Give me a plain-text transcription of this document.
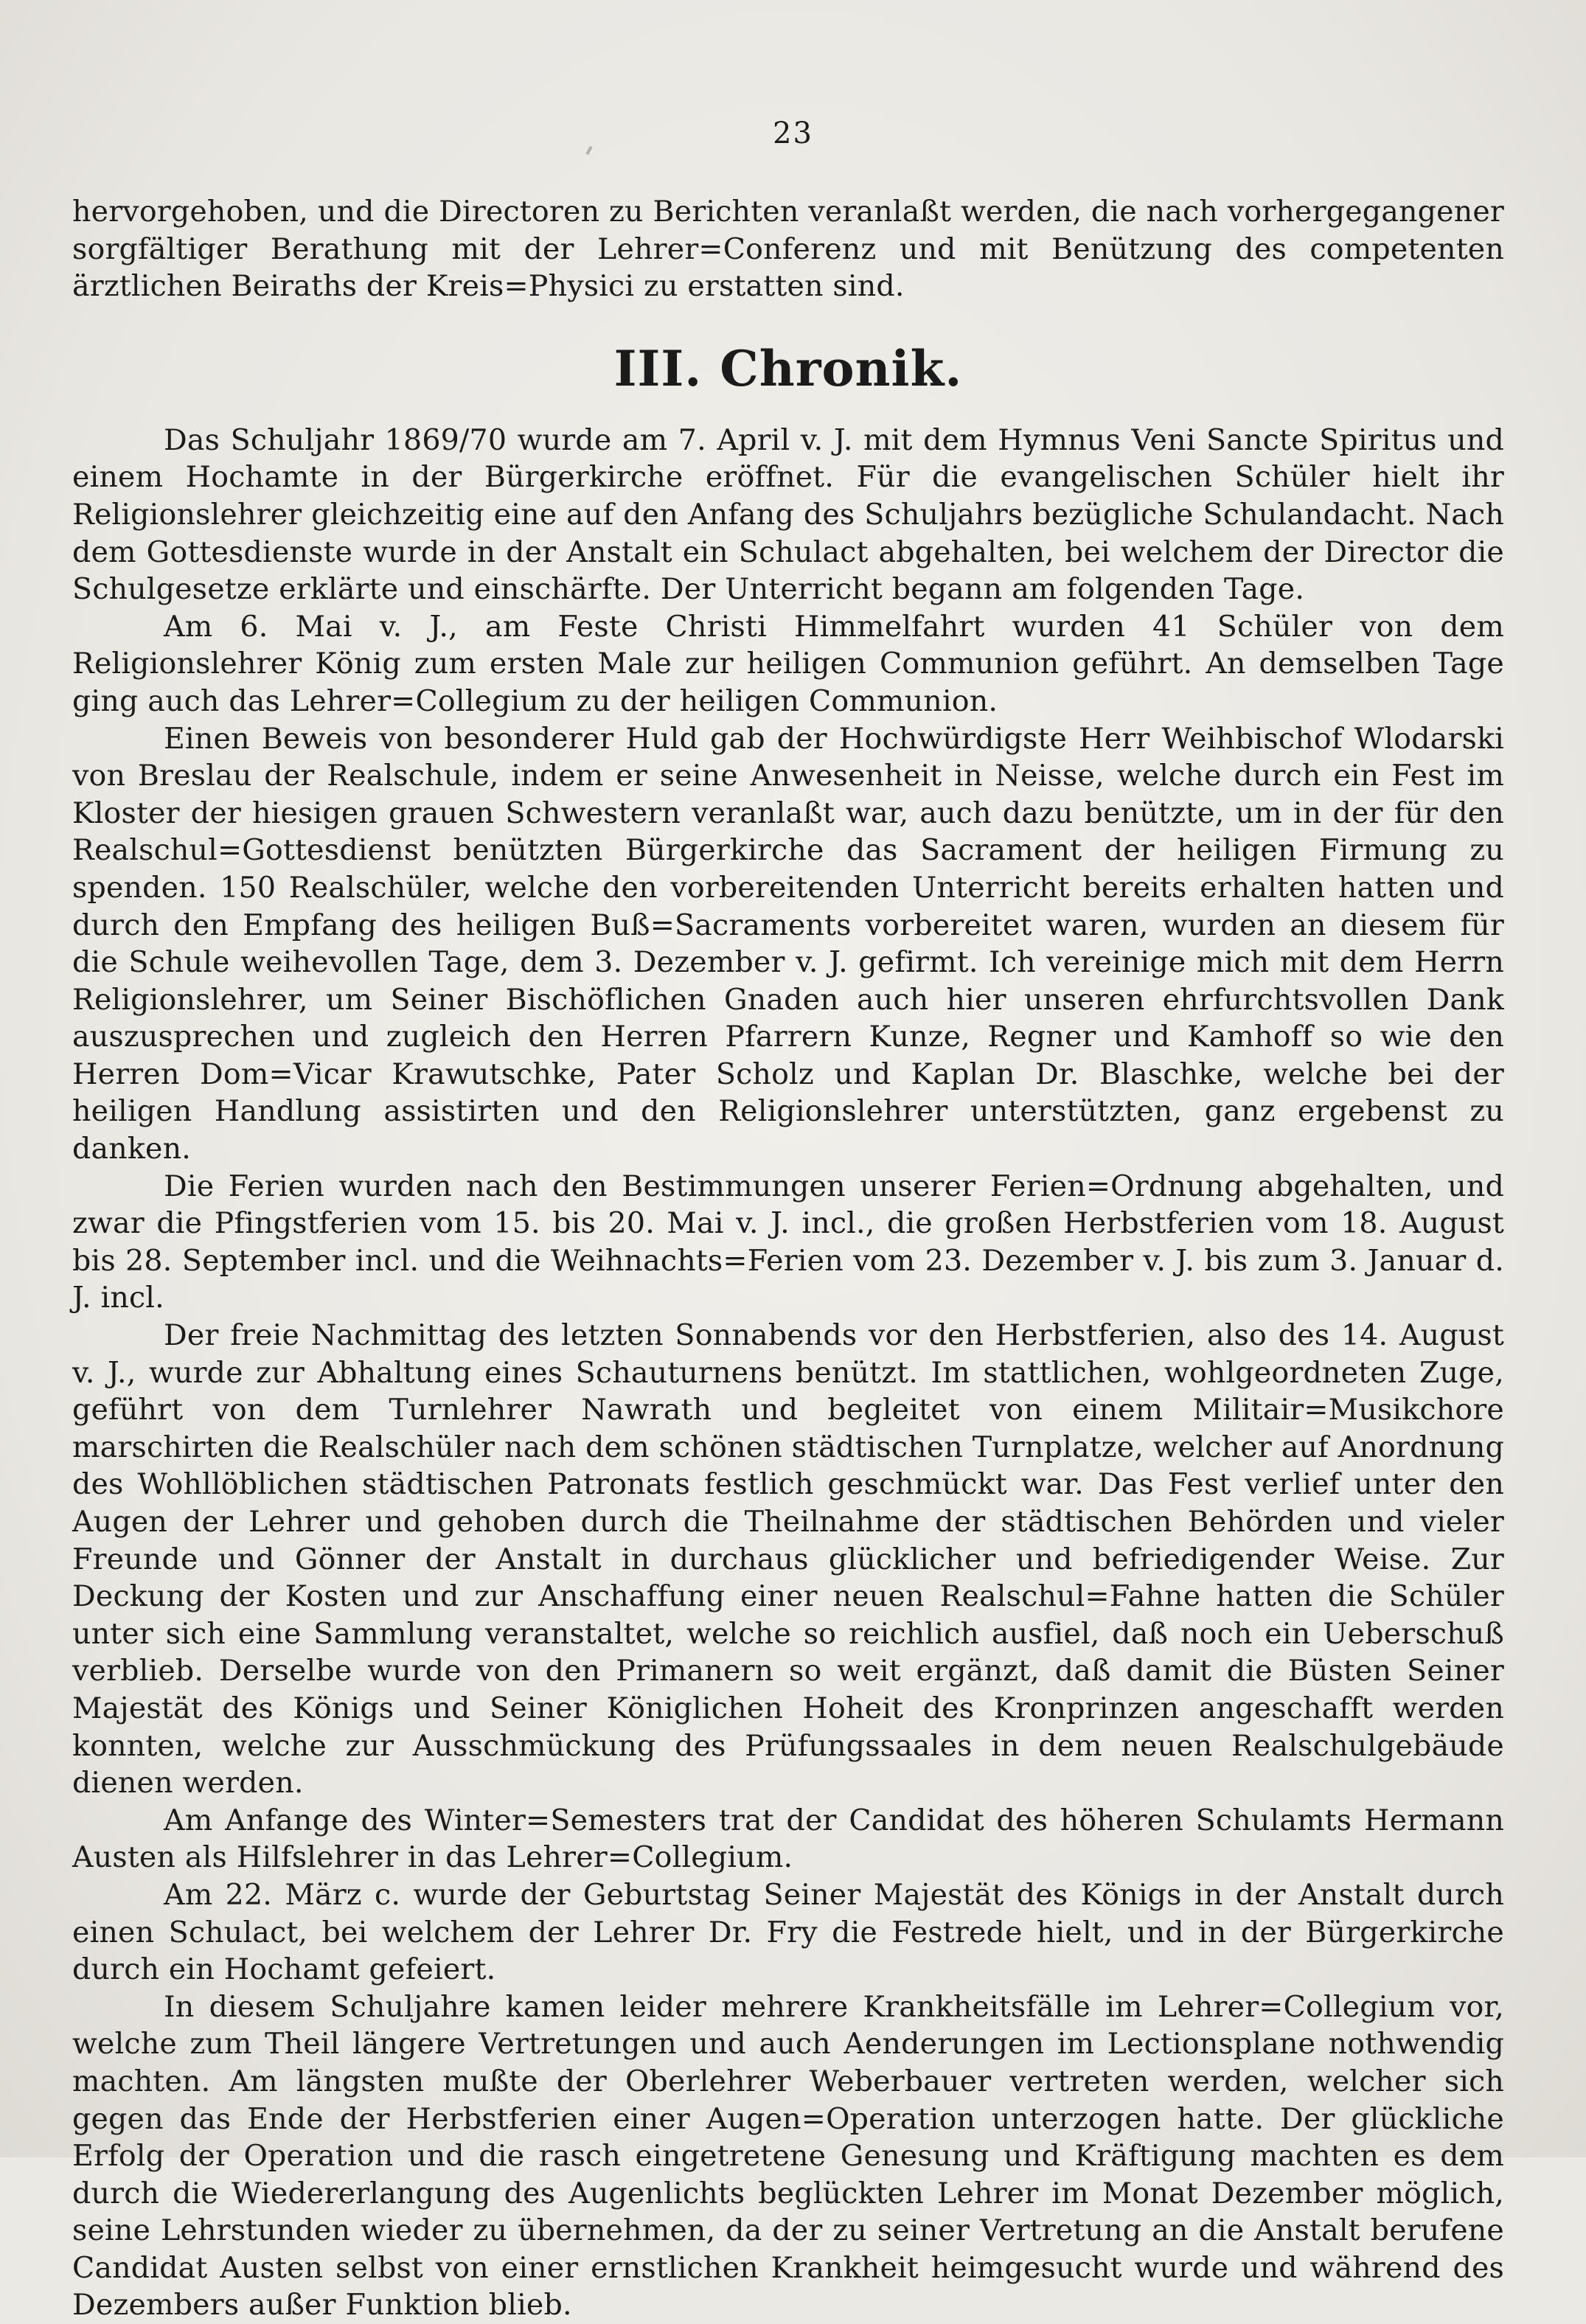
23

hervorgehoben, und die Directoren zu Berichten veranlaßt werden, die nach vorhergegangener sorgfältiger Berathung mit der Lehrer=Conferenz und mit Benützung des competenten ärztlichen Beiraths der Kreis=Physici zu erstatten sind.

III. Chronik.

Das Schuljahr 1869/70 wurde am 7. April v. J. mit dem Hymnus Veni Sancte Spiritus und einem Hochamte in der Bürgerkirche eröffnet. Für die evangelischen Schüler hielt ihr Religionslehrer gleichzeitig eine auf den Anfang des Schuljahrs bezügliche Schulandacht. Nach dem Gottesdienste wurde in der Anstalt ein Schulact abgehalten, bei welchem der Director die Schulgesetze erklärte und einschärfte. Der Unterricht begann am folgenden Tage.

Am 6. Mai v. J., am Feste Christi Himmelfahrt wurden 41 Schüler von dem Religionslehrer König zum ersten Male zur heiligen Communion geführt. An demselben Tage ging auch das Lehrer=Collegium zu der heiligen Communion.

Einen Beweis von besonderer Huld gab der Hochwürdigste Herr Weihbischof Wlodarski von Breslau der Realschule, indem er seine Anwesenheit in Neisse, welche durch ein Fest im Kloster der hiesigen grauen Schwestern veranlaßt war, auch dazu benützte, um in der für den Realschul=Gottesdienst benützten Bürgerkirche das Sacrament der heiligen Firmung zu spenden. 150 Realschüler, welche den vorbereitenden Unterricht bereits erhalten hatten und durch den Empfang des heiligen Buß=Sacraments vorbereitet waren, wurden an diesem für die Schule weihevollen Tage, dem 3. Dezember v. J. gefirmt. Ich vereinige mich mit dem Herrn Religionslehrer, um Seiner Bischöflichen Gnaden auch hier unseren ehrfurchtsvollen Dank auszusprechen und zugleich den Herren Pfarrern Kunze, Regner und Kamhoff so wie den Herren Dom=Vicar Krawutschke, Pater Scholz und Kaplan Dr. Blaschke, welche bei der heiligen Handlung assistirten und den Religionslehrer unterstützten, ganz ergebenst zu danken.

Die Ferien wurden nach den Bestimmungen unserer Ferien=Ordnung abgehalten, und zwar die Pfingstferien vom 15. bis 20. Mai v. J. incl., die großen Herbstferien vom 18. August bis 28. September incl. und die Weihnachts=Ferien vom 23. Dezember v. J. bis zum 3. Januar d. J. incl.

Der freie Nachmittag des letzten Sonnabends vor den Herbstferien, also des 14. August v. J., wurde zur Abhaltung eines Schauturnens benützt. Im stattlichen, wohlgeordneten Zuge, geführt von dem Turnlehrer Nawrath und begleitet von einem Militair=Musikchore marschirten die Realschüler nach dem schönen städtischen Turnplatze, welcher auf Anordnung des Wohllöblichen städtischen Patronats festlich geschmückt war. Das Fest verlief unter den Augen der Lehrer und gehoben durch die Theilnahme der städtischen Behörden und vieler Freunde und Gönner der Anstalt in durchaus glücklicher und befriedigender Weise. Zur Deckung der Kosten und zur Anschaffung einer neuen Realschul=Fahne hatten die Schüler unter sich eine Sammlung veranstaltet, welche so reichlich ausfiel, daß noch ein Ueberschuß verblieb. Derselbe wurde von den Primanern so weit ergänzt, daß damit die Büsten Seiner Majestät des Königs und Seiner Königlichen Hoheit des Kronprinzen angeschafft werden konnten, welche zur Ausschmückung des Prüfungssaales in dem neuen Realschulgebäude dienen werden.

Am Anfange des Winter=Semesters trat der Candidat des höheren Schulamts Hermann Austen als Hilfslehrer in das Lehrer=Collegium.

Am 22. März c. wurde der Geburtstag Seiner Majestät des Königs in der Anstalt durch einen Schulact, bei welchem der Lehrer Dr. Fry die Festrede hielt, und in der Bürgerkirche durch ein Hochamt gefeiert.

In diesem Schuljahre kamen leider mehrere Krankheitsfälle im Lehrer=Collegium vor, welche zum Theil längere Vertretungen und auch Aenderungen im Lectionsplane nothwendig machten. Am längsten mußte der Oberlehrer Weberbauer vertreten werden, welcher sich gegen das Ende der Herbstferien einer Augen=Operation unterzogen hatte. Der glückliche Erfolg der Operation und die rasch eingetretene Genesung und Kräftigung machten es dem durch die Wiedererlangung des Augenlichts beglückten Lehrer im Monat Dezember möglich, seine Lehrstunden wieder zu übernehmen, da der zu seiner Vertretung an die Anstalt berufene Candidat Austen selbst von einer ernstlichen Krankheit heimgesucht wurde und während des Dezembers außer Funktion blieb.
